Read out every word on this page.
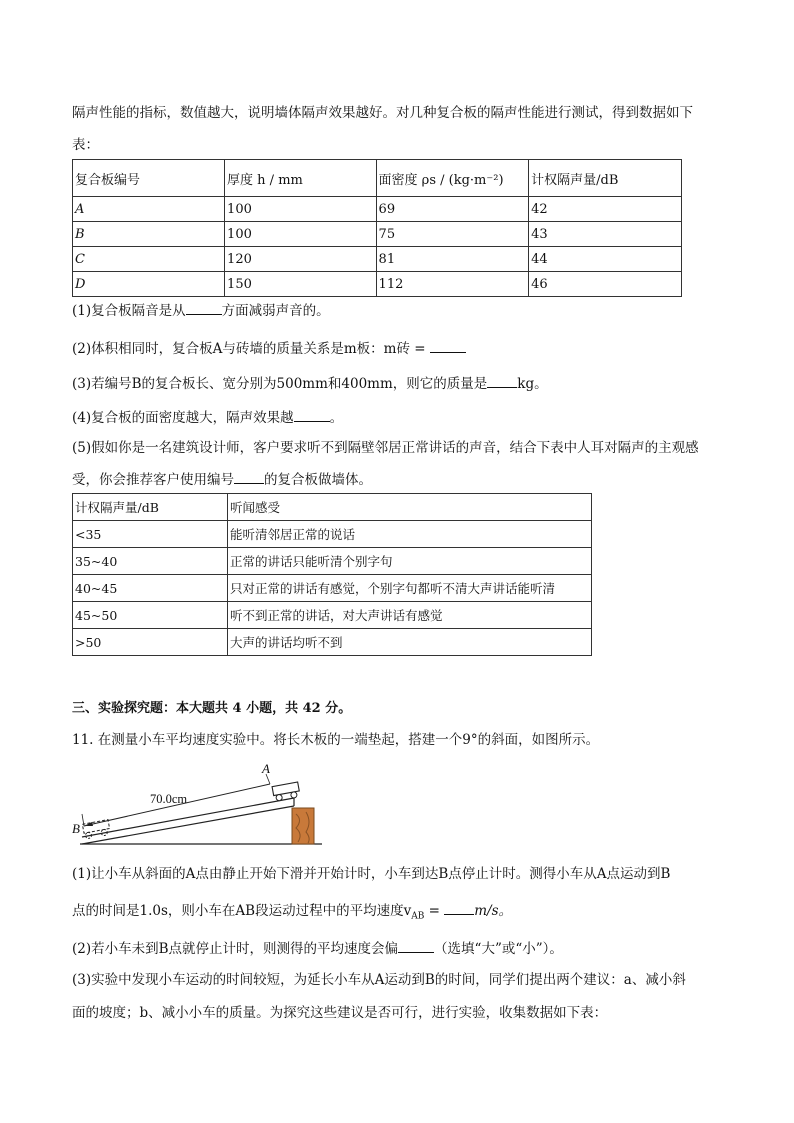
隔声性能的指标，数值越大，说明墙体隔声效果越好。对几种复合板的隔声性能进行测试，得到数据如下
表：
复合板编号	厚度 h / mm	面密度 ρs / (kg·m⁻²)	计权隔声量/dB
A	100	69	42
B	100	75	43
C	120	81	44
D	150	112	46
(1)复合板隔音是从	方面减弱声音的。
(2)体积相同时，复合板A与砖墙的质量关系是m板：m砖 =
(3)若编号B的复合板长、宽分别为500mm和400mm，则它的质量是 kg。
(4)复合板的面密度越大，隔声效果越	。
(5)假如你是一名建筑设计师，客户要求听不到隔壁邻居正常讲话的声音，结合下表中人耳对隔声的主观感
受，你会推荐客户使用编号 的复合板做墙体。
计权隔声量/dB	听闻感受
<35	能听清邻居正常的说话
35~40	正常的讲话只能听清个别字句
40~45	只对正常的讲话有感觉，个别字句都听不清大声讲话能听清
45~50	听不到正常的讲话，对大声讲话有感觉
>50	大声的讲话均听不到
三、实验探究题：本大题共 4 小题，共 42 分。
11. 在测量小车平均速度实验中。将长木板的一端垫起，搭建一个9°的斜面，如图所示。
B
A
70.0cm
(1)让小车从斜面的A点由静止开始下滑并开始计时，小车到达B点停止计时。测得小车从A点运动到B
点的时间是1.0s，则小车在AB段运动过程中的平均速度$v_{AB} = m/s$。
(2)若小车未到B点就停止计时，则测得的平均速度会偏	（选填“大”或“小”）。
(3)实验中发现小车运动的时间较短，为延长小车从A运动到B的时间，同学们提出两个建议：a、减小斜
面的坡度；b、减小小车的质量。为探究这些建议是否可行，进行实验，收集数据如下表：
